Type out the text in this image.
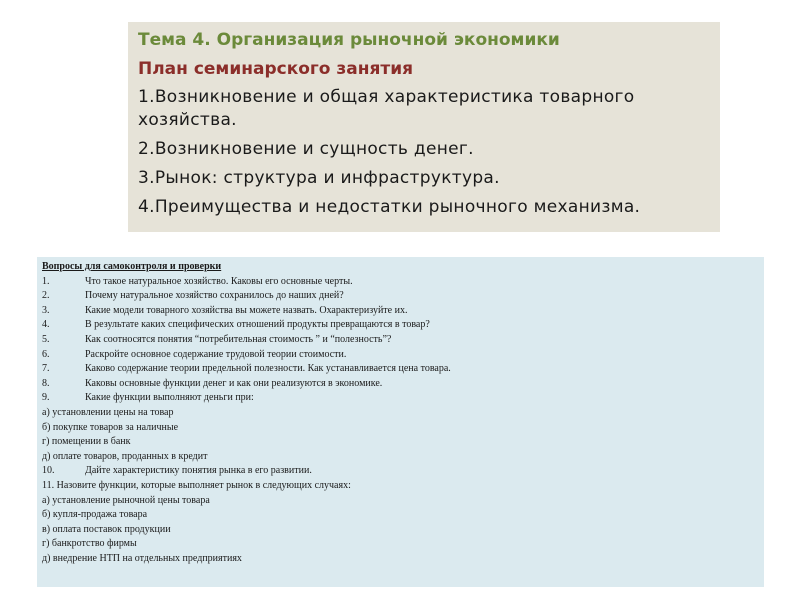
Тема 4. Организация рыночной экономики
План семинарского занятия
1.Возникновение и общая характеристика товарного хозяйства.
2.Возникновение и сущность денег.
3.Рынок: структура и инфраструктура.
4.Преимущества и недостатки рыночного механизма.
Вопросы для самоконтроля и проверки
1.	Что такое натуральное хозяйство. Каковы его основные черты.
2.	Почему натуральное хозяйство сохранилось до наших дней?
3.	Какие модели товарного хозяйства вы можете назвать. Охарактеризуйте их.
4.	В результате каких специфических отношений продукты превращаются в товар?
5.	Как соотносятся понятия “потребительная стоимость ” и “полезность”?
6.	Раскройте основное содержание трудовой теории стоимости.
7.	Каково содержание теории предельной полезности. Как устанавливается цена товара.
8.	Каковы основные функции денег и как они реализуются в экономике.
9.	Какие функции выполняют деньги при:
а) установлении цены на товар
б) покупке товаров за наличные
г) помещении в банк
д) оплате товаров, проданных в кредит
10.	Дайте характеристику понятия рынка в его развитии.
11. Назовите функции, которые выполняет рынок в следующих случаях:
а) установление рыночной цены товара
б) купля-продажа товара
в) оплата поставок продукции
г) банкротство фирмы
д) внедрение НТП на отдельных предприятиях
